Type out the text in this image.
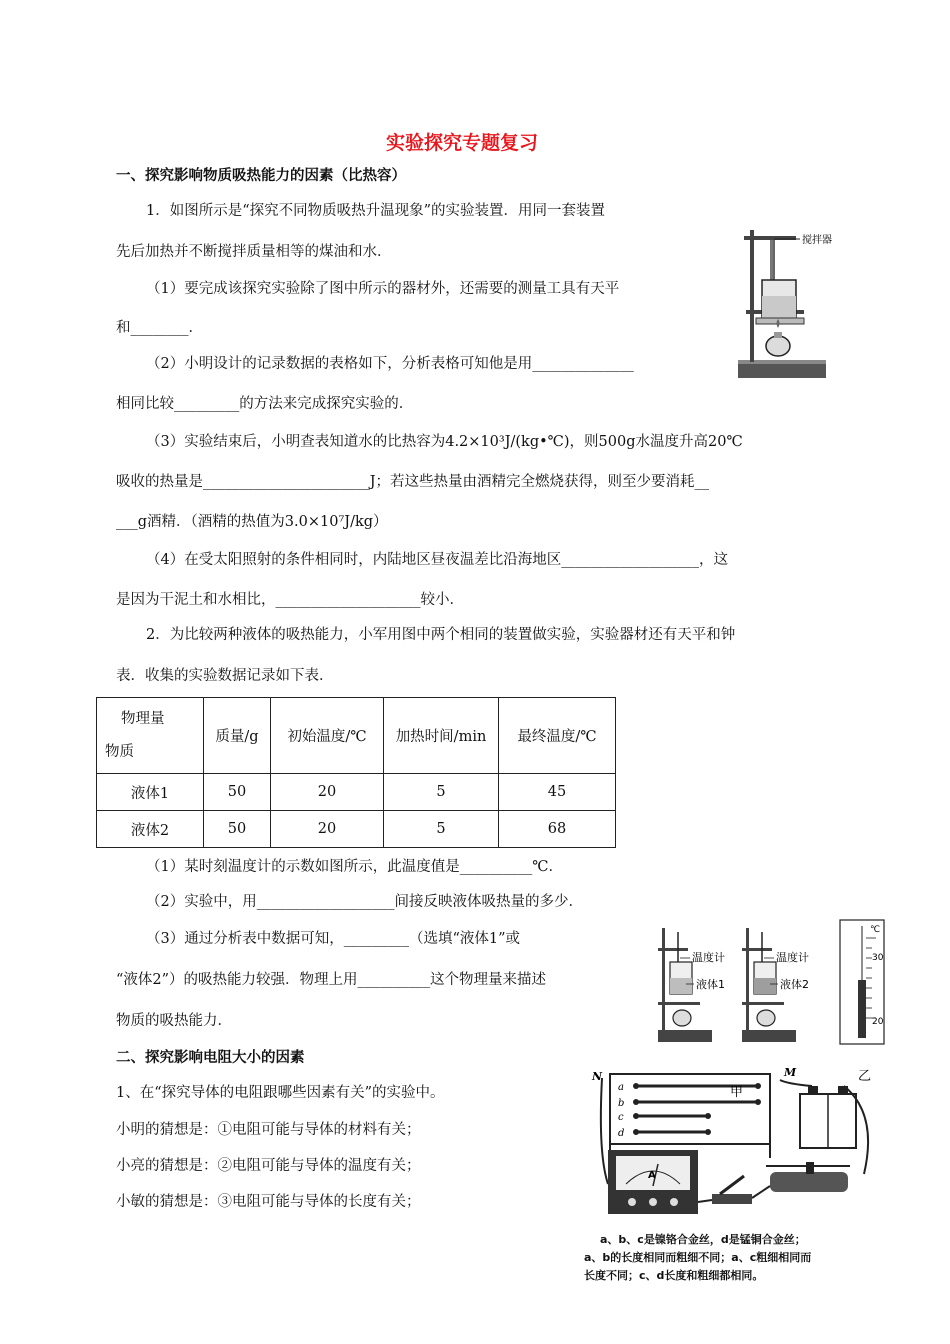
实验探究专题复习
一、探究影响物质吸热能力的因素（比热容）
1．如图所示是“探究不同物质吸热升温现象”的实验装置．用同一套装置
先后加热并不断搅拌质量相等的煤油和水．
（1）要完成该探究实验除了图中所示的器材外，还需要的测量工具有天平
和________．
（2）小明设计的记录数据的表格如下，分析表格可知他是用______________
相同比较_________的方法来完成探究实验的．
（3）实验结束后，小明查表知道水的比热容为4.2×10³J/(kg•℃)，则500g水温度升高20℃
吸收的热量是_______________________J；若这些热量由酒精完全燃烧获得，则至少要消耗__
___g酒精．（酒精的热值为3.0×10⁷J/kg）
（4）在受太阳照射的条件相同时，内陆地区昼夜温差比沿海地区___________________，这
是因为干泥土和水相比，____________________较小．
搅拌器
2．为比较两种液体的吸热能力，小军用图中两个相同的装置做实验，实验器材还有天平和钟
表．收集的实验数据记录如下表．
物理量
物质	质量/g	初始温度/℃	加热时间/min	最终温度/℃
液体1	50	20	5	45
液体2	50	20	5	68
（1）某时刻温度计的示数如图所示，此温度值是__________℃．
（2）实验中，用___________________间接反映液体吸热量的多少．
（3）通过分析表中数据可知，_________（选填“液体1”或
“液体2”）的吸热能力较强．物理上用__________这个物理量来描述
物质的吸热能力．
温度计
液体1
温度计
液体2
℃
30
20
二、探究影响电阻大小的因素
1、在“探究导体的电阻跟哪些因素有关”的实验中。
小明的猜想是：①电阻可能与导体的材料有关；
小亮的猜想是：②电阻可能与导体的温度有关；
小敏的猜想是：③电阻可能与导体的长度有关；
a
b
c
d
N	M
甲
乙
A
a、b、c是镍铬合金丝，d是锰铜合金丝；
a、b的长度相同而粗细不同；a、c粗细相同而
长度不同；c、d长度和粗细都相同。
